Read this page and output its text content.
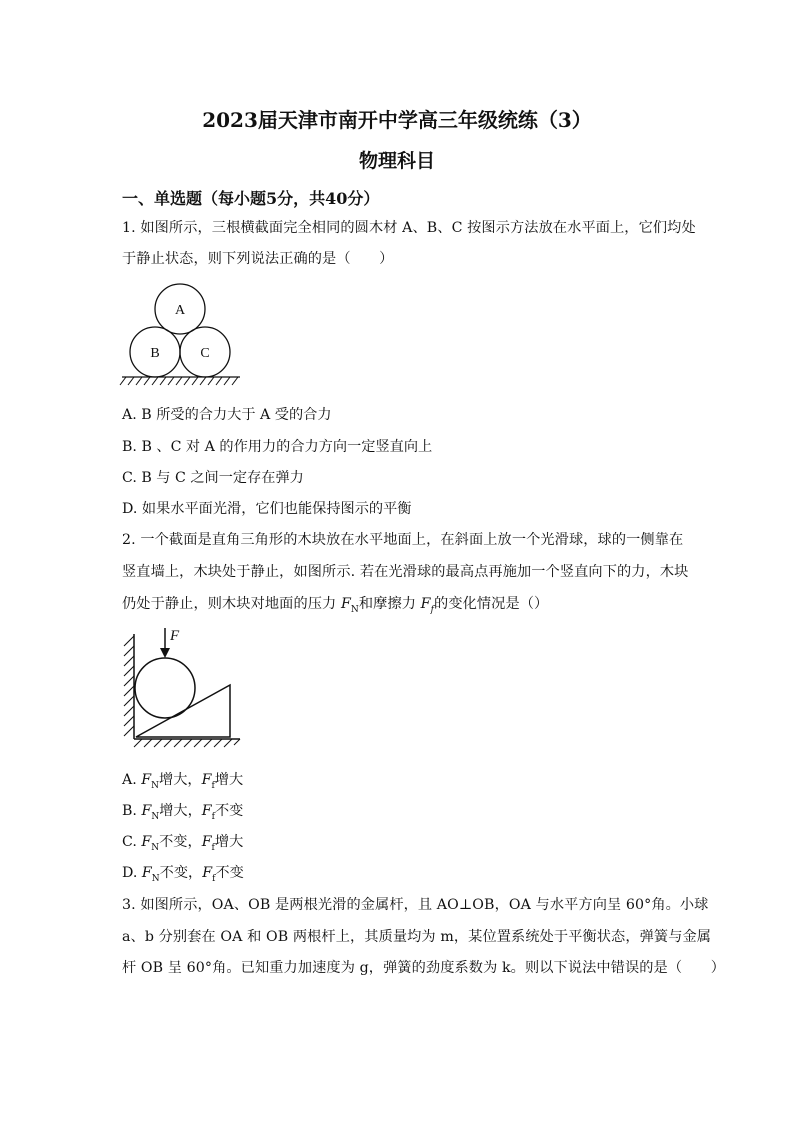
2023届天津市南开中学高三年级统练（3）
物理科目
一、单选题（每小题5分，共40分）
1. 如图所示，三根横截面完全相同的圆木材 A、B、C 按图示方法放在水平面上，它们均处
于静止状态，则下列说法正确的是（　　）
A
B	C
A. B 所受的合力大于 A 受的合力
B. B 、C 对 A 的作用力的合力方向一定竖直向上
C. B 与 C 之间一定存在弹力
D. 如果水平面光滑，它们也能保持图示的平衡
2. 一个截面是直角三角形的木块放在水平地面上，在斜面上放一个光滑球，球的一侧靠在
竖直墙上，木块处于静止，如图所示. 若在光滑球的最高点再施加一个竖直向下的力，木块
仍处于静止，则木块对地面的压力 $F_N$和摩擦力 $F_f$的变化情况是（）
F
A. $F_N$增大，$F_f$增大
B. $F_N$增大，$F_f$不变
C. $F_N$不变，$F_f$增大
D. $F_N$不变，$F_f$不变
3. 如图所示，OA、OB 是两根光滑的金属杆，且 AO⊥OB，OA 与水平方向呈 60°角。小球
a、b 分别套在 OA 和 OB 两根杆上，其质量均为 m，某位置系统处于平衡状态，弹簧与金属
杆 OB 呈 60°角。已知重力加速度为 g，弹簧的劲度系数为 k。则以下说法中错误的是（　　）
